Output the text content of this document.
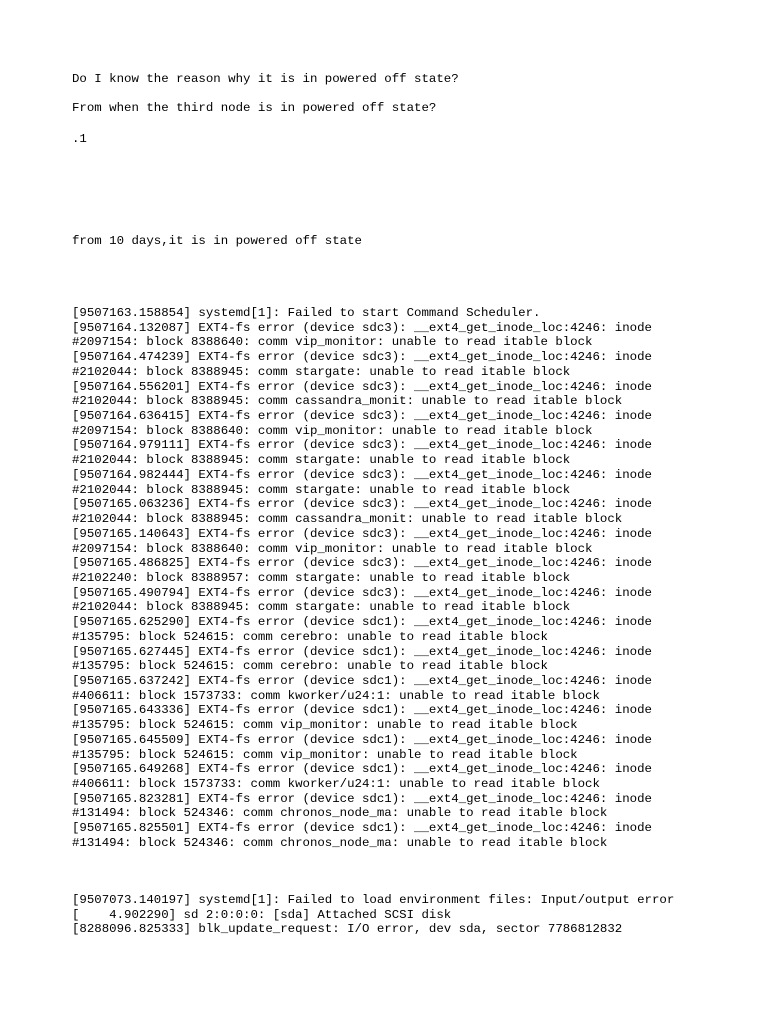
Do I know the reason why it is in powered off state?

From when the third node is in powered off state?

.1

from 10 days,it is in powered off state

[9507163.158854] systemd[1]: Failed to start Command Scheduler.
[9507164.132087] EXT4-fs error (device sdc3): __ext4_get_inode_loc:4246: inode
#2097154: block 8388640: comm vip_monitor: unable to read itable block
[9507164.474239] EXT4-fs error (device sdc3): __ext4_get_inode_loc:4246: inode
#2102044: block 8388945: comm stargate: unable to read itable block
[9507164.556201] EXT4-fs error (device sdc3): __ext4_get_inode_loc:4246: inode
#2102044: block 8388945: comm cassandra_monit: unable to read itable block
[9507164.636415] EXT4-fs error (device sdc3): __ext4_get_inode_loc:4246: inode
#2097154: block 8388640: comm vip_monitor: unable to read itable block
[9507164.979111] EXT4-fs error (device sdc3): __ext4_get_inode_loc:4246: inode
#2102044: block 8388945: comm stargate: unable to read itable block
[9507164.982444] EXT4-fs error (device sdc3): __ext4_get_inode_loc:4246: inode
#2102044: block 8388945: comm stargate: unable to read itable block
[9507165.063236] EXT4-fs error (device sdc3): __ext4_get_inode_loc:4246: inode
#2102044: block 8388945: comm cassandra_monit: unable to read itable block
[9507165.140643] EXT4-fs error (device sdc3): __ext4_get_inode_loc:4246: inode
#2097154: block 8388640: comm vip_monitor: unable to read itable block
[9507165.486825] EXT4-fs error (device sdc3): __ext4_get_inode_loc:4246: inode
#2102240: block 8388957: comm stargate: unable to read itable block
[9507165.490794] EXT4-fs error (device sdc3): __ext4_get_inode_loc:4246: inode
#2102044: block 8388945: comm stargate: unable to read itable block
[9507165.625290] EXT4-fs error (device sdc1): __ext4_get_inode_loc:4246: inode
#135795: block 524615: comm cerebro: unable to read itable block
[9507165.627445] EXT4-fs error (device sdc1): __ext4_get_inode_loc:4246: inode
#135795: block 524615: comm cerebro: unable to read itable block
[9507165.637242] EXT4-fs error (device sdc1): __ext4_get_inode_loc:4246: inode
#406611: block 1573733: comm kworker/u24:1: unable to read itable block
[9507165.643336] EXT4-fs error (device sdc1): __ext4_get_inode_loc:4246: inode
#135795: block 524615: comm vip_monitor: unable to read itable block
[9507165.645509] EXT4-fs error (device sdc1): __ext4_get_inode_loc:4246: inode
#135795: block 524615: comm vip_monitor: unable to read itable block
[9507165.649268] EXT4-fs error (device sdc1): __ext4_get_inode_loc:4246: inode
#406611: block 1573733: comm kworker/u24:1: unable to read itable block
[9507165.823281] EXT4-fs error (device sdc1): __ext4_get_inode_loc:4246: inode
#131494: block 524346: comm chronos_node_ma: unable to read itable block
[9507165.825501] EXT4-fs error (device sdc1): __ext4_get_inode_loc:4246: inode
#131494: block 524346: comm chronos_node_ma: unable to read itable block
[9507073.140197] systemd[1]: Failed to load environment files: Input/output error
[    4.902290] sd 2:0:0:0: [sda] Attached SCSI disk
[8288096.825333] blk_update_request: I/O error, dev sda, sector 7786812832
